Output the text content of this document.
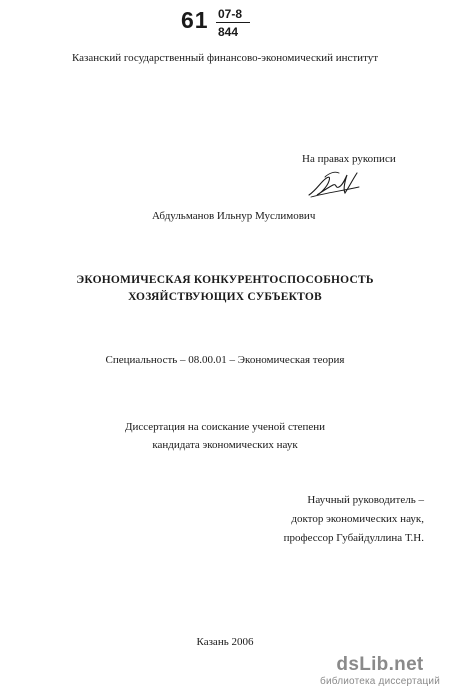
61 07-8
844
Казанский государственный финансово-экономический институт
На правах рукописи
Абдульманов Ильнур Муслимович
ЭКОНОМИЧЕСКАЯ КОНКУРЕНТОСПОСОБНОСТЬ
ХОЗЯЙСТВУЮЩИХ СУБЪЕКТОВ
Специальность – 08.00.01 – Экономическая теория
Диссертация на соискание ученой степени
кандидата экономических наук
Научный руководитель –
доктор экономических наук,
профессор Губайдуллина Т.Н.
Казань 2006
dsLib.net
библиотека диссертаций
